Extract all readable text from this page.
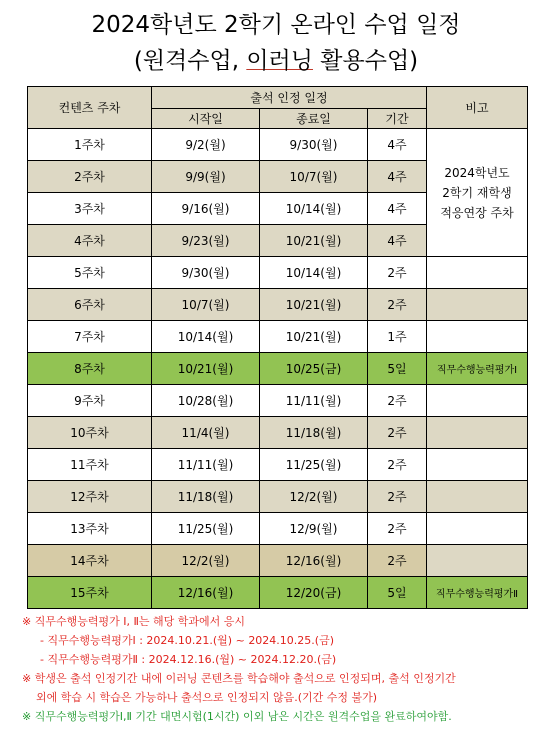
2024학년도 2학기 온라인 수업 일정
(원격수업, 이러닝 활용수업)
컨텐츠 주차	출석 인정 일정			비고
	시작일	종료일	기간	
1주차	9/2(월)	9/30(월)	4주	2024학년도
2학기 재학생
적응연장 주차

2주차	9/9(월)	10/7(월)	4주	
3주차	9/16(월)	10/14(월)	4주	
4주차	9/23(월)	10/21(월)	4주	
5주차	9/30(월)	10/14(월)	2주	
6주차	10/7(월)	10/21(월)	2주	
7주차	10/14(월)	10/21(월)	1주	
8주차	10/21(월)	10/25(금)	5일	직무수행능력평가Ⅰ
9주차	10/28(월)	11/11(월)	2주	
10주차	11/4(월)	11/18(월)	2주	
11주차	11/11(월)	11/25(월)	2주	
12주차	11/18(월)	12/2(월)	2주	
13주차	11/25(월)	12/9(월)	2주	
14주차	12/2(월)	12/16(월)	2주	
15주차	12/16(월)	12/20(금)	5일	직무수행능력평가Ⅱ
※ 직무수행능력평가 Ⅰ, Ⅱ는 해당 학과에서 응시
- 직무수행능력평가Ⅰ : 2024.10.21.(월) ~ 2024.10.25.(금)
- 직무수행능력평가Ⅱ : 2024.12.16.(월) ~ 2024.12.20.(금)
※ 학생은 출석 인정기간 내에 이러닝 콘텐츠를 학습해야 출석으로 인정되며, 출석 인정기간
외에 학습 시 학습은 가능하나 출석으로 인정되지 않음.(기간 수정 불가)
※ 직무수행능력평가Ⅰ,Ⅱ 기간 대면시험(1시간) 이외 남은 시간은 원격수업을 완료하여야함.
